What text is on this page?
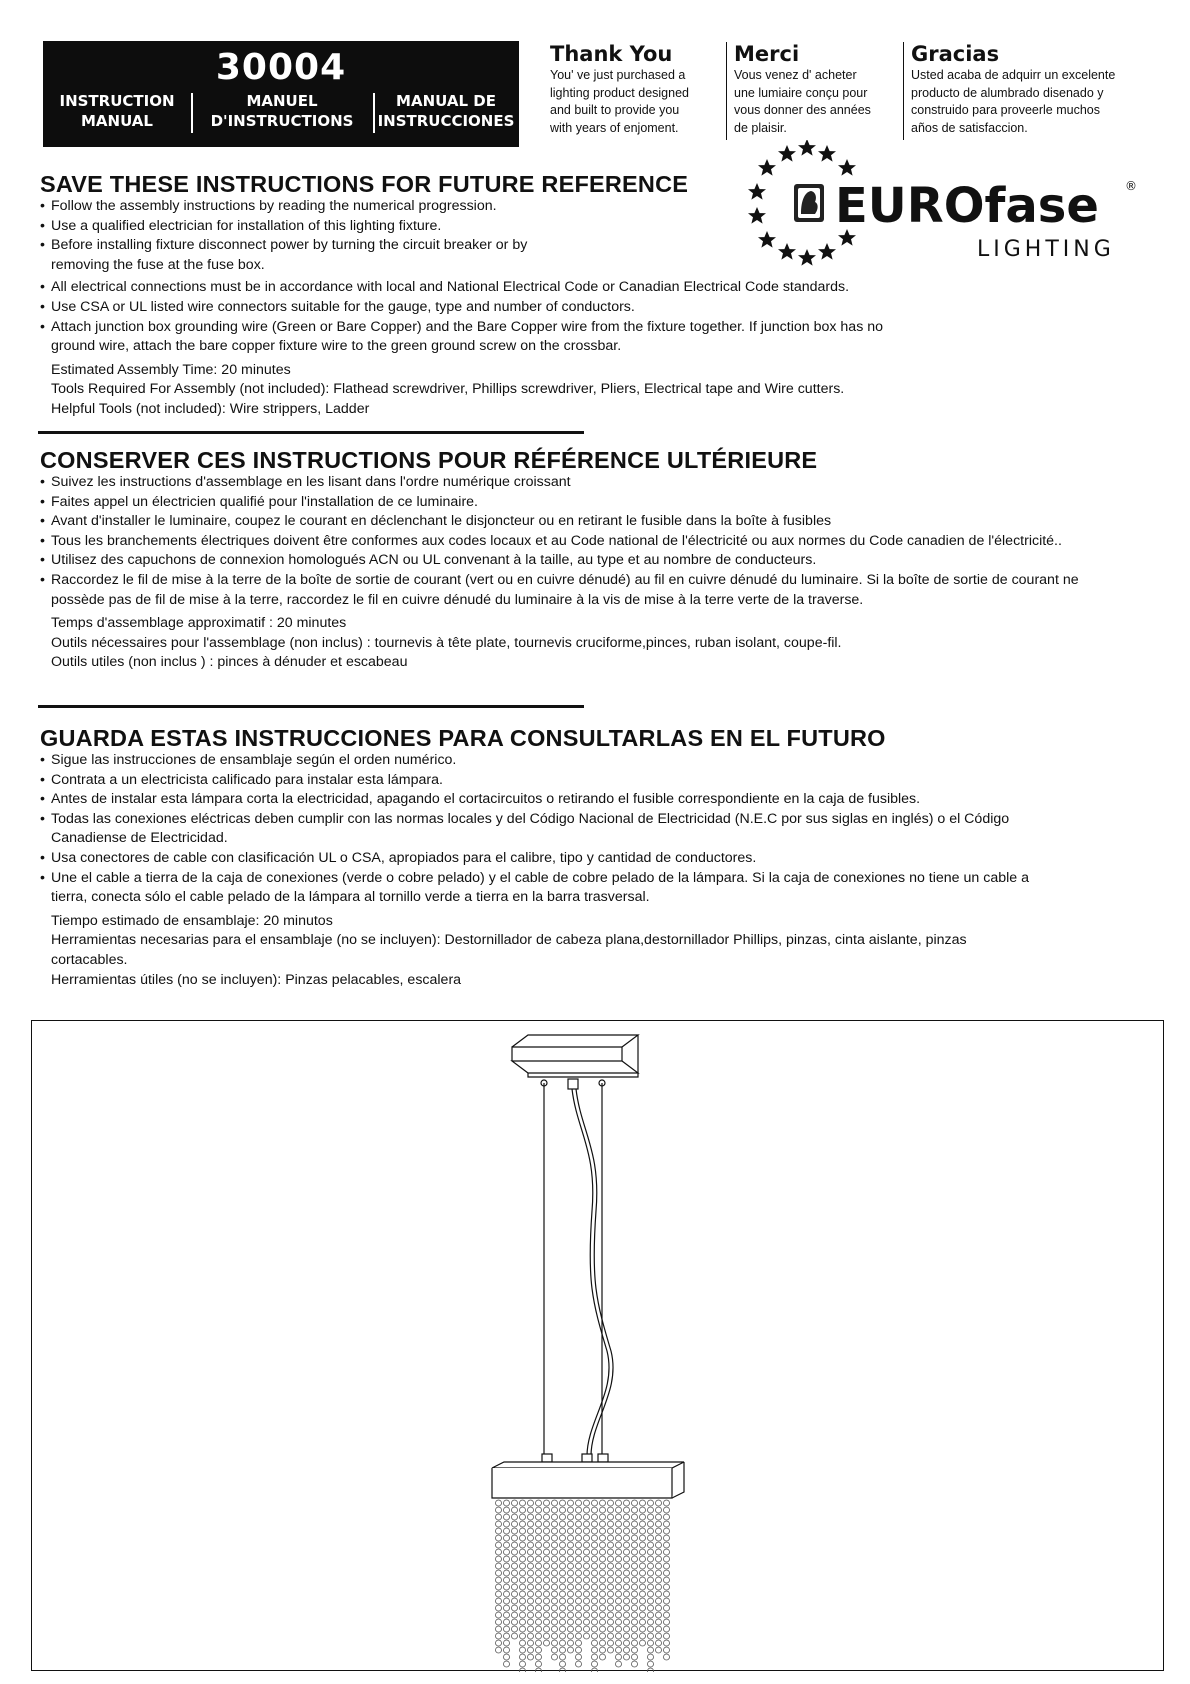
30004
INSTRUCTION
MANUAL
MANUEL
D'INSTRUCTIONS
MANUAL DE
INSTRUCCIONES
Thank You
You' ve just purchased a
lighting product designed
and built to provide you
with years of enjoment.
Merci
Vous venez d' acheter
une lumiaire conçu pour
vous donner des années
de plaisir.
Gracias
Usted acaba de adquirr un excelente
producto de alumbrado disenado y
construido para proveerle muchos
años de satisfaccion.
EUROfase ®
LIGHTING
SAVE THESE INSTRUCTIONS FOR FUTURE REFERENCE
• Follow the assembly instructions by reading the numerical progression.
• Use a qualified electrician for installation of this lighting fixture.
• Before installing fixture disconnect power by turning the circuit breaker or by removing the fuse at the fuse box.
• All electrical connections must be in accordance with local and National Electrical Code or Canadian Electrical Code standards.
• Use CSA or UL listed wire connectors suitable for the gauge, type and number of conductors.
• Attach junction box grounding wire (Green or Bare Copper) and the Bare Copper wire from the fixture together. If junction box has no ground wire, attach the bare copper fixture wire to the green ground screw on the crossbar.
Estimated Assembly Time: 20 minutes
Tools Required For Assembly (not included): Flathead screwdriver, Phillips screwdriver, Pliers, Electrical tape and Wire cutters.
Helpful Tools (not included): Wire strippers, Ladder
CONSERVER CES INSTRUCTIONS POUR RÉFÉRENCE ULTÉRIEURE
• Suivez les instructions d'assemblage en les lisant dans l'ordre numérique croissant
• Faites appel un électricien qualifié pour l'installation de ce luminaire.
• Avant d'installer le luminaire, coupez le courant en déclenchant le disjoncteur ou en retirant le fusible dans la boîte à fusibles
• Tous les branchements électriques doivent être conformes aux codes locaux et au Code national de l'électricité ou aux normes du Code canadien de l'électricité..
• Utilisez des capuchons de connexion homologués ACN ou UL convenant à la taille, au type et au nombre de conducteurs.
• Raccordez le fil de mise à la terre de la boîte de sortie de courant (vert ou en cuivre dénudé) au fil en cuivre dénudé du luminaire. Si la boîte de sortie de courant ne possède pas de fil de mise à la terre, raccordez le fil en cuivre dénudé du luminaire à la vis de mise à la terre verte de la traverse.
Temps d'assemblage approximatif : 20 minutes
Outils nécessaires pour l'assemblage (non inclus) : tournevis à tête plate, tournevis cruciforme,pinces, ruban isolant, coupe-fil.
Outils utiles (non inclus ) : pinces à dénuder et escabeau
GUARDA ESTAS INSTRUCCIONES PARA CONSULTARLAS EN EL FUTURO
• Sigue las instrucciones de ensamblaje según el orden numérico.
• Contrata a un electricista calificado para instalar esta lámpara.
• Antes de instalar esta lámpara corta la electricidad, apagando el cortacircuitos o retirando el fusible correspondiente en la caja de fusibles.
• Todas las conexiones eléctricas deben cumplir con las normas locales y del Código Nacional de Electricidad (N.E.C por sus siglas en inglés) o el Código Canadiense de Electricidad.
• Usa conectores de cable con clasificación UL o CSA, apropiados para el calibre, tipo y cantidad de conductores.
• Une el cable a tierra de la caja de conexiones (verde o cobre pelado) y el cable de cobre pelado de la lámpara. Si la caja de conexiones no tiene un cable a tierra, conecta sólo el cable pelado de la lámpara al tornillo verde a tierra en la barra trasversal.
Tiempo estimado de ensamblaje: 20 minutos
Herramientas necesarias para el ensamblaje (no se incluyen): Destornillador de cabeza plana,destornillador Phillips, pinzas, cinta aislante, pinzas cortacables.
Herramientas útiles (no se incluyen): Pinzas pelacables, escalera
